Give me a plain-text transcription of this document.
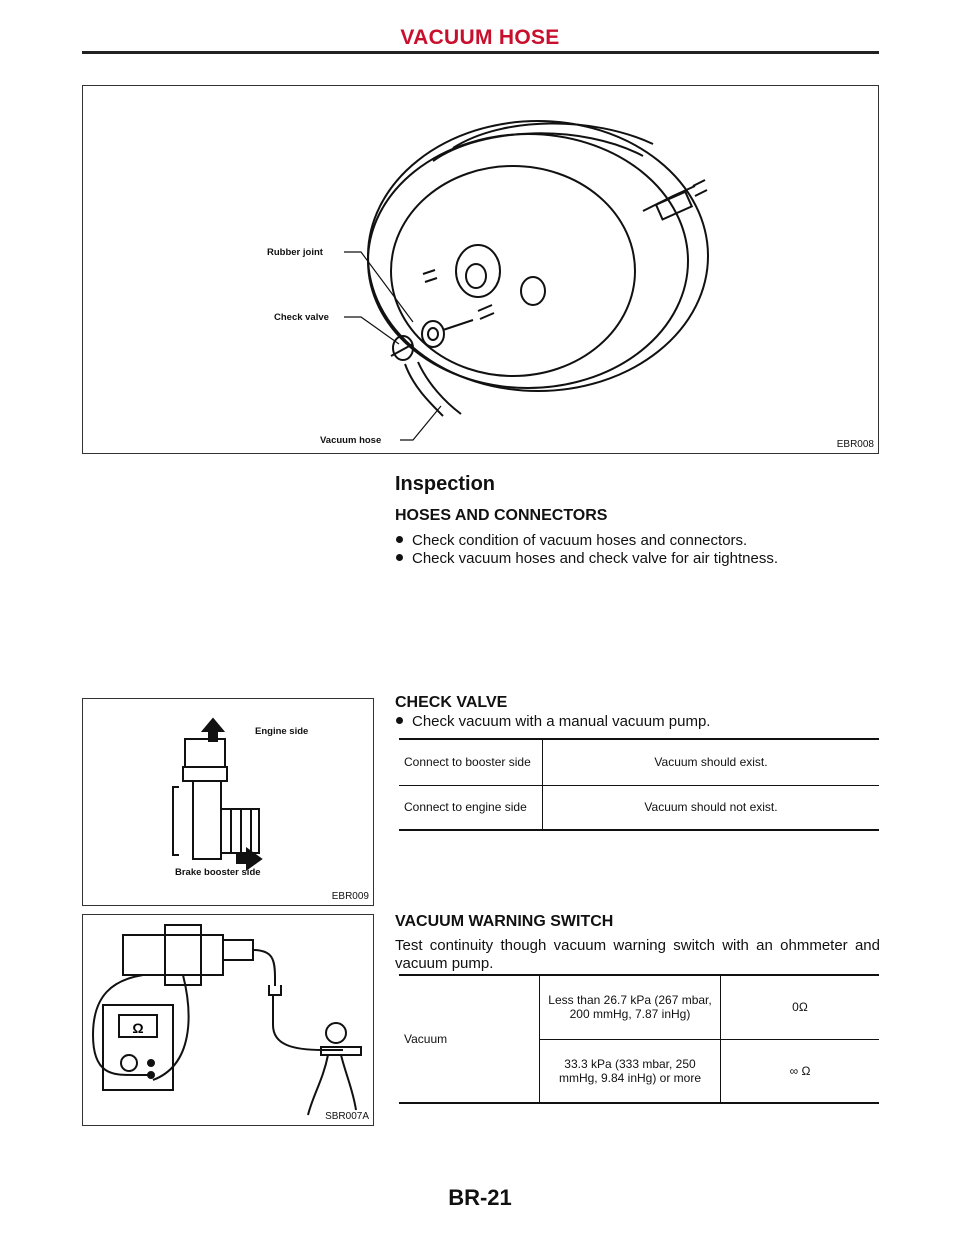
VACUUM HOSE
Rubber joint
Check valve
Vacuum hose	EBR008
Inspection
HOSES AND CONNECTORS
Check condition of vacuum hoses and connectors.
Check vacuum hoses and check valve for air tightness.
Engine side
Brake booster side
EBR009
CHECK VALVE
Check vacuum with a manual vacuum pump.
Connect to booster side	Vacuum should exist.
Connect to engine side	Vacuum should not exist.
Ω
SBR007A
VACUUM WARNING SWITCH
Test continuity though vacuum warning switch with an ohmmeter and vacuum pump.
Vacuum	Less than 26.7 kPa (267 mbar, 200 mmHg, 7.87 inHg)	0Ω
	33.3 kPa (333 mbar, 250 mmHg, 9.84 inHg) or more	∞ Ω
BR-21
